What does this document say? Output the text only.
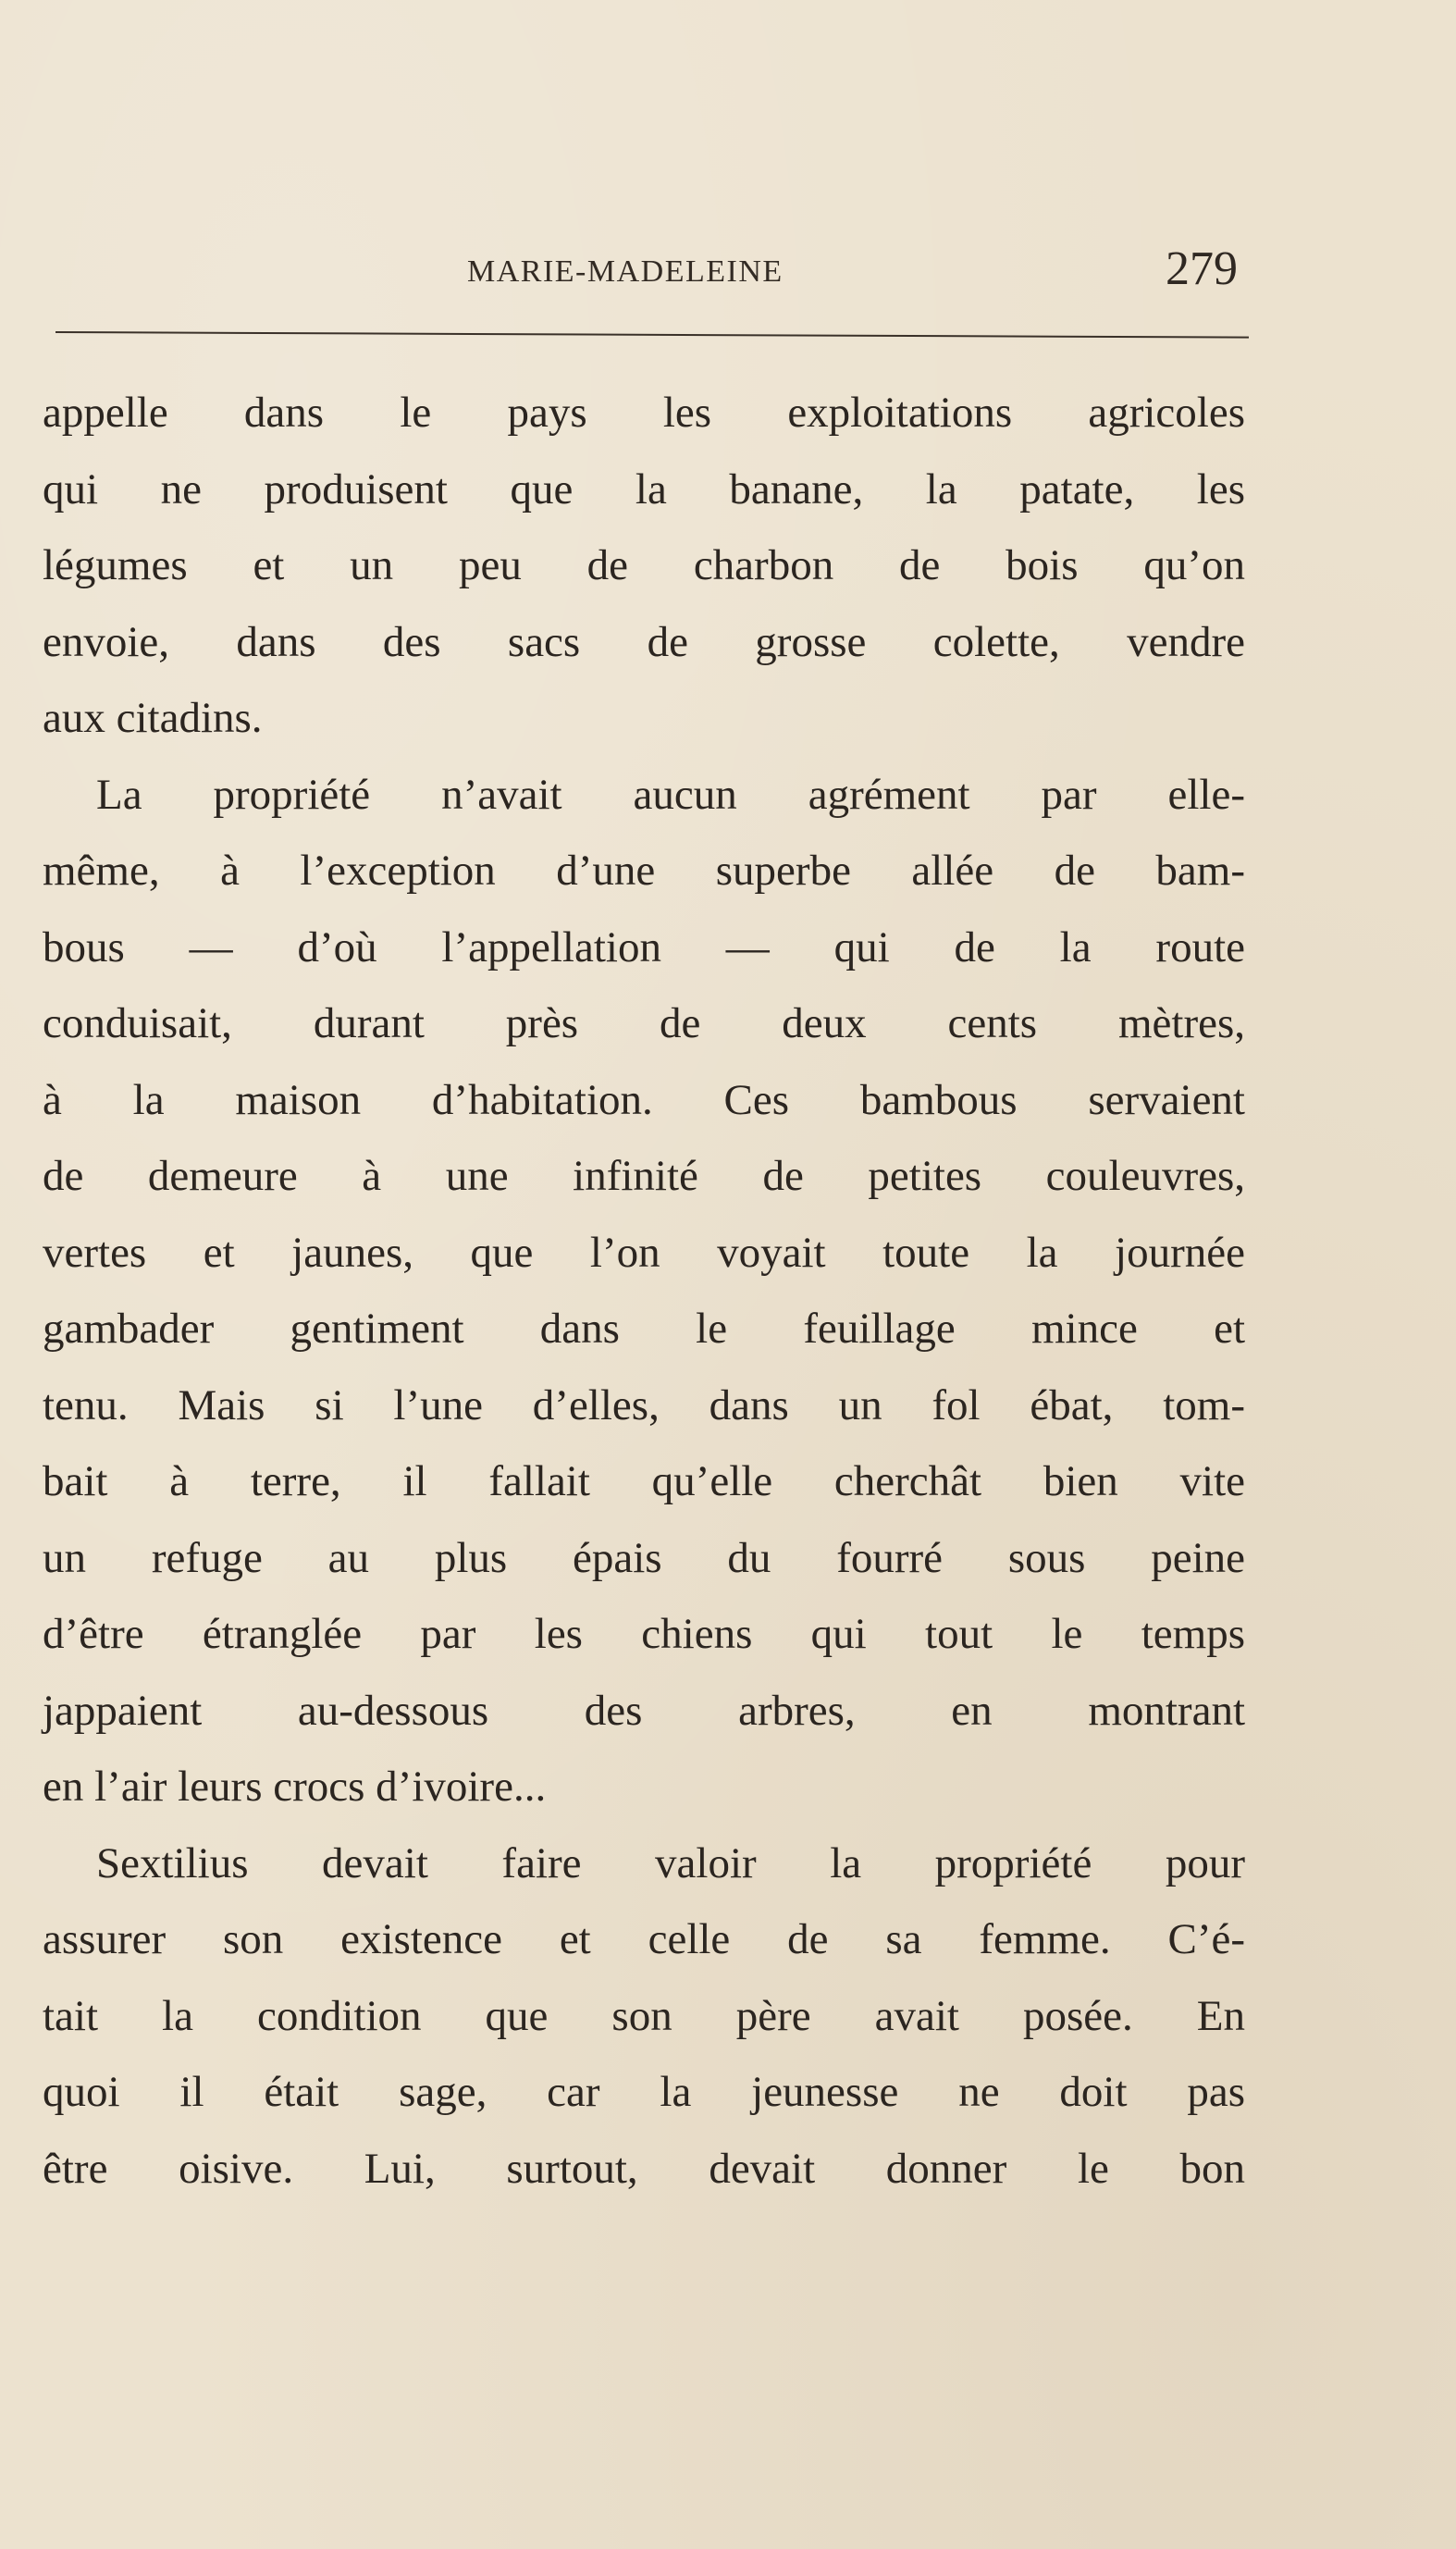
MARIE-MADELEINE	279
appelle dans le pays les exploitations agricoles
qui ne produisent que la banane, la patate, les
légumes et un peu de charbon de bois qu’on
envoie, dans des sacs de grosse colette, vendre
aux citadins.
La propriété n’avait aucun agrément par elle-
même, à l’exception d’une superbe allée de bam-
bous — d’où l’appellation — qui de la route
conduisait, durant près de deux cents mètres,
à la maison d’habitation. Ces bambous servaient
de demeure à une infinité de petites couleuvres,
vertes et jaunes, que l’on voyait toute la journée
gambader gentiment dans le feuillage mince et
tenu. Mais si l’une d’elles, dans un fol ébat, tom-
bait à terre, il fallait qu’elle cherchât bien vite
un refuge au plus épais du fourré sous peine
d’être étranglée par les chiens qui tout le temps
jappaient au-dessous des arbres, en montrant
en l’air leurs crocs d’ivoire...
Sextilius devait faire valoir la propriété pour
assurer son existence et celle de sa femme. C’é-
tait la condition que son père avait posée. En
quoi il était sage, car la jeunesse ne doit pas
être oisive. Lui, surtout, devait donner le bon
